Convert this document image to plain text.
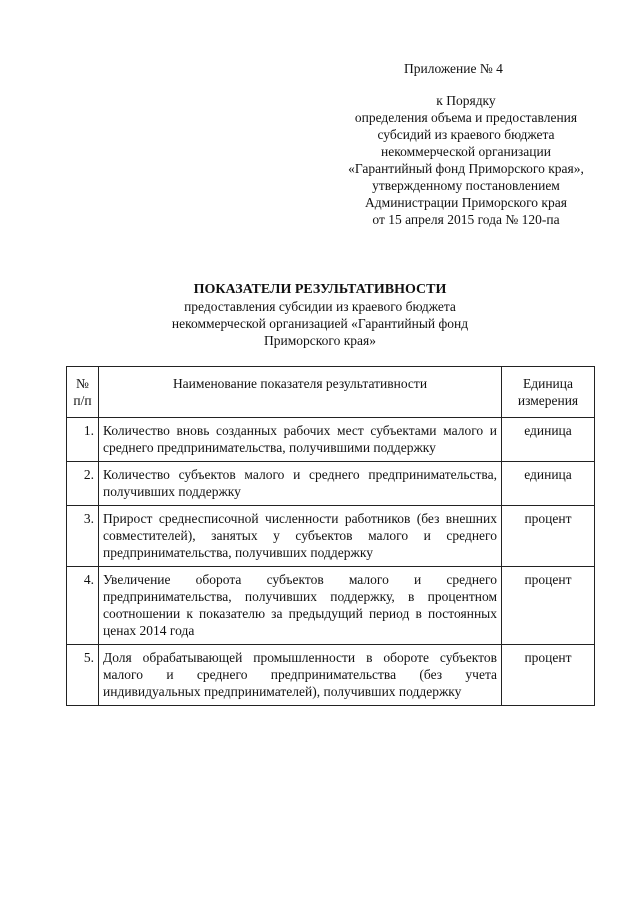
Приложение № 4
к Порядку
определения объема и предоставления
субсидий из краевого бюджета
некоммерческой организации
«Гарантийный фонд Приморского края»,
утвержденному постановлением
Администрации Приморского края
от 15 апреля 2015 года № 120-па
ПОКАЗАТЕЛИ РЕЗУЛЬТАТИВНОСТИ
предоставления субсидии из краевого бюджета
некоммерческой организацией «Гарантийный фонд
Приморского края»
№ п/п	Наименование показателя результативности	Единица измерения
1.	Количество вновь созданных рабочих мест субъектами малого и среднего предпринимательства, получившими поддержку	единица
2.	Количество субъектов малого и среднего предпринимательства, получивших поддержку	единица
3.	Прирост среднесписочной численности работников (без внешних совместителей), занятых у субъектов малого и среднего предпринимательства, получивших поддержку	процент
4.	Увеличение оборота субъектов малого и среднего предпринимательства, получивших поддержку, в процентном соотношении к показателю за предыдущий период в постоянных ценах 2014 года	процент
5.	Доля обрабатывающей промышленности в обороте субъектов малого и среднего предпринимательства (без учета индивидуальных предпринимателей), получивших поддержку	процент
